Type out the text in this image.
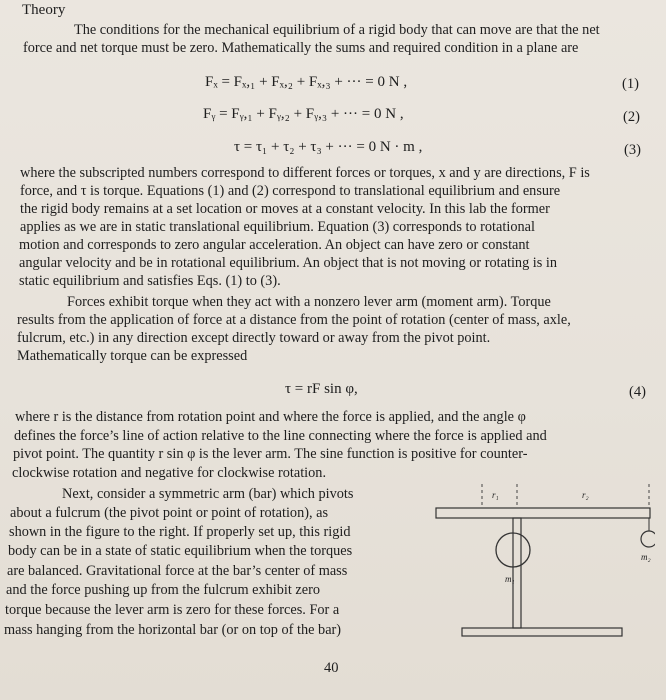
Theory
The conditions for the mechanical equilibrium of a rigid body that can move are that the net
force and net torque must be zero. Mathematically the sums and required condition in a plane are
Fₓ = Fₓ,₁ + Fₓ,₂ + Fₓ,₃ + ··· = 0 N ,	(1)
Fᵧ = Fᵧ,₁ + Fᵧ,₂ + Fᵧ,₃ + ··· = 0 N ,	(2)
τ = τ₁ + τ₂ + τ₃ + ··· = 0 N · m ,	(3)
where the subscripted numbers correspond to different forces or torques, x and y are directions, F is
force, and τ is torque. Equations (1) and (2) correspond to translational equilibrium and ensure
the rigid body remains at a set location or moves at a constant velocity. In this lab the former
applies as we are in static translational equilibrium. Equation (3) corresponds to rotational
motion and corresponds to zero angular acceleration. An object can have zero or constant
angular velocity and be in rotational equilibrium. An object that is not moving or rotating is in
static equilibrium and satisfies Eqs. (1) to (3).
Forces exhibit torque when they act with a nonzero lever arm (moment arm). Torque
results from the application of force at a distance from the point of rotation (center of mass, axle,
fulcrum, etc.) in any direction except directly toward or away from the pivot point.
Mathematically torque can be expressed
τ = rF sin φ,	(4)
where r is the distance from rotation point and where the force is applied, and the angle φ
defines the force’s line of action relative to the line connecting where the force is applied and
pivot point. The quantity r sin φ is the lever arm. The sine function is positive for counter-
clockwise rotation and negative for clockwise rotation.
Next, consider a symmetric arm (bar) which pivots
about a fulcrum (the pivot point or point of rotation), as
shown in the figure to the right. If properly set up, this rigid
body can be in a state of static equilibrium when the torques
are balanced. Gravitational force at the bar’s center of mass
and the force pushing up from the fulcrum exhibit zero
torque because the lever arm is zero for these forces. For a
mass hanging from the horizontal bar (or on top of the bar)
r₁	r₂
m₁
m₂
40
